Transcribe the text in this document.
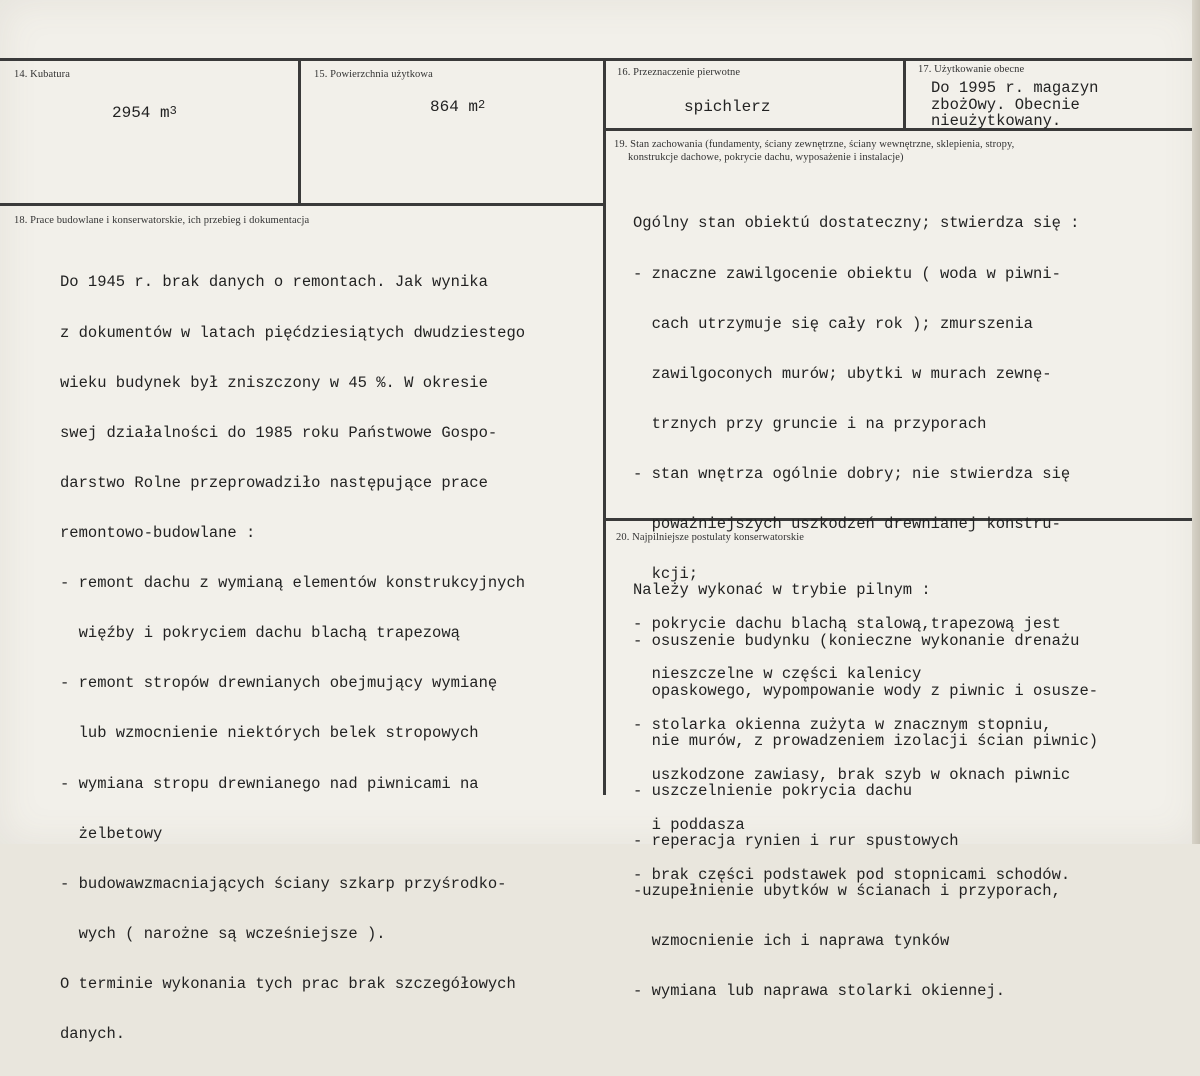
14. Kubatura
2954 $m^3$
15. Powierzchnia użytkowa
864 $m^2$
16. Przeznaczenie pierwotne
spichlerz
17. Użytkowanie obecne
Do 1995 r. magazyn
zbożOwy. Obecnie
nieużytkowany.
18. Prace budowlane i konserwatorskie, ich przebieg i dokumentacja

Do 1945 r. brak danych o remontach. Jak wynika

z dokumentów w latach pięćdziesiątych dwudziestego

wieku budynek był zniszczony w 45 %. W okresie

swej działalności do 1985 roku Państwowe Gospo-

darstwo Rolne przeprowadziło następujące prace

remontowo-budowlane :

- remont dachu z wymianą elementów konstrukcyjnych

więźby i pokryciem dachu blachą trapezową

- remont stropów drewnianych obejmujący wymianę

lub wzmocnienie niektórych belek stropowych

- wymiana stropu drewnianego nad piwnicami na

żelbetowy

- budowawzmacniających ściany szkarp przyśrodko-

wych ( narożne są wcześniejsze ).

O terminie wykonania tych prac brak szczegółowych

danych.

19. Stan zachowania (fundamenty, ściany zewnętrzne, ściany wewnętrzne, sklepienia, stropy,
konstrukcje dachowe, pokrycie dachu, wyposażenie i instalacje)

Ogólny stan obiektú dostateczny; stwierdza się :

- znaczne zawilgocenie obiektu ( woda w piwni-

cach utrzymuje się cały rok ); zmurszenia

zawilgoconych murów; ubytki w murach zewnę-

trznych przy gruncie i na przyporach

- stan wnętrza ogólnie dobry; nie stwierdza się

poważniejszych uszkodzeń drewnianej konstru-

kcji;

- pokrycie dachu blachą stalową,trapezową jest

nieszczelne w części kalenicy

- stolarka okienna zużyta w znacznym stopniu,

uszkodzone zawiasy, brak szyb w oknach piwnic

i poddasza

- brak części podstawek pod stopnicami schodów.

20. Najpilniejsze postulaty konserwatorskie

Należy wykonać w trybie pilnym :

- osuszenie budynku (konieczne wykonanie drenażu

opaskowego, wypompowanie wody z piwnic i osusze-

nie murów, z prowadzeniem izolacji ścian piwnic)

- uszczelnienie pokrycia dachu

- reperacja rynien i rur spustowych

-uzupełnienie ubytków w ścianach i przyporach,

wzmocnienie ich i naprawa tynków

- wymiana lub naprawa stolarki okiennej.
